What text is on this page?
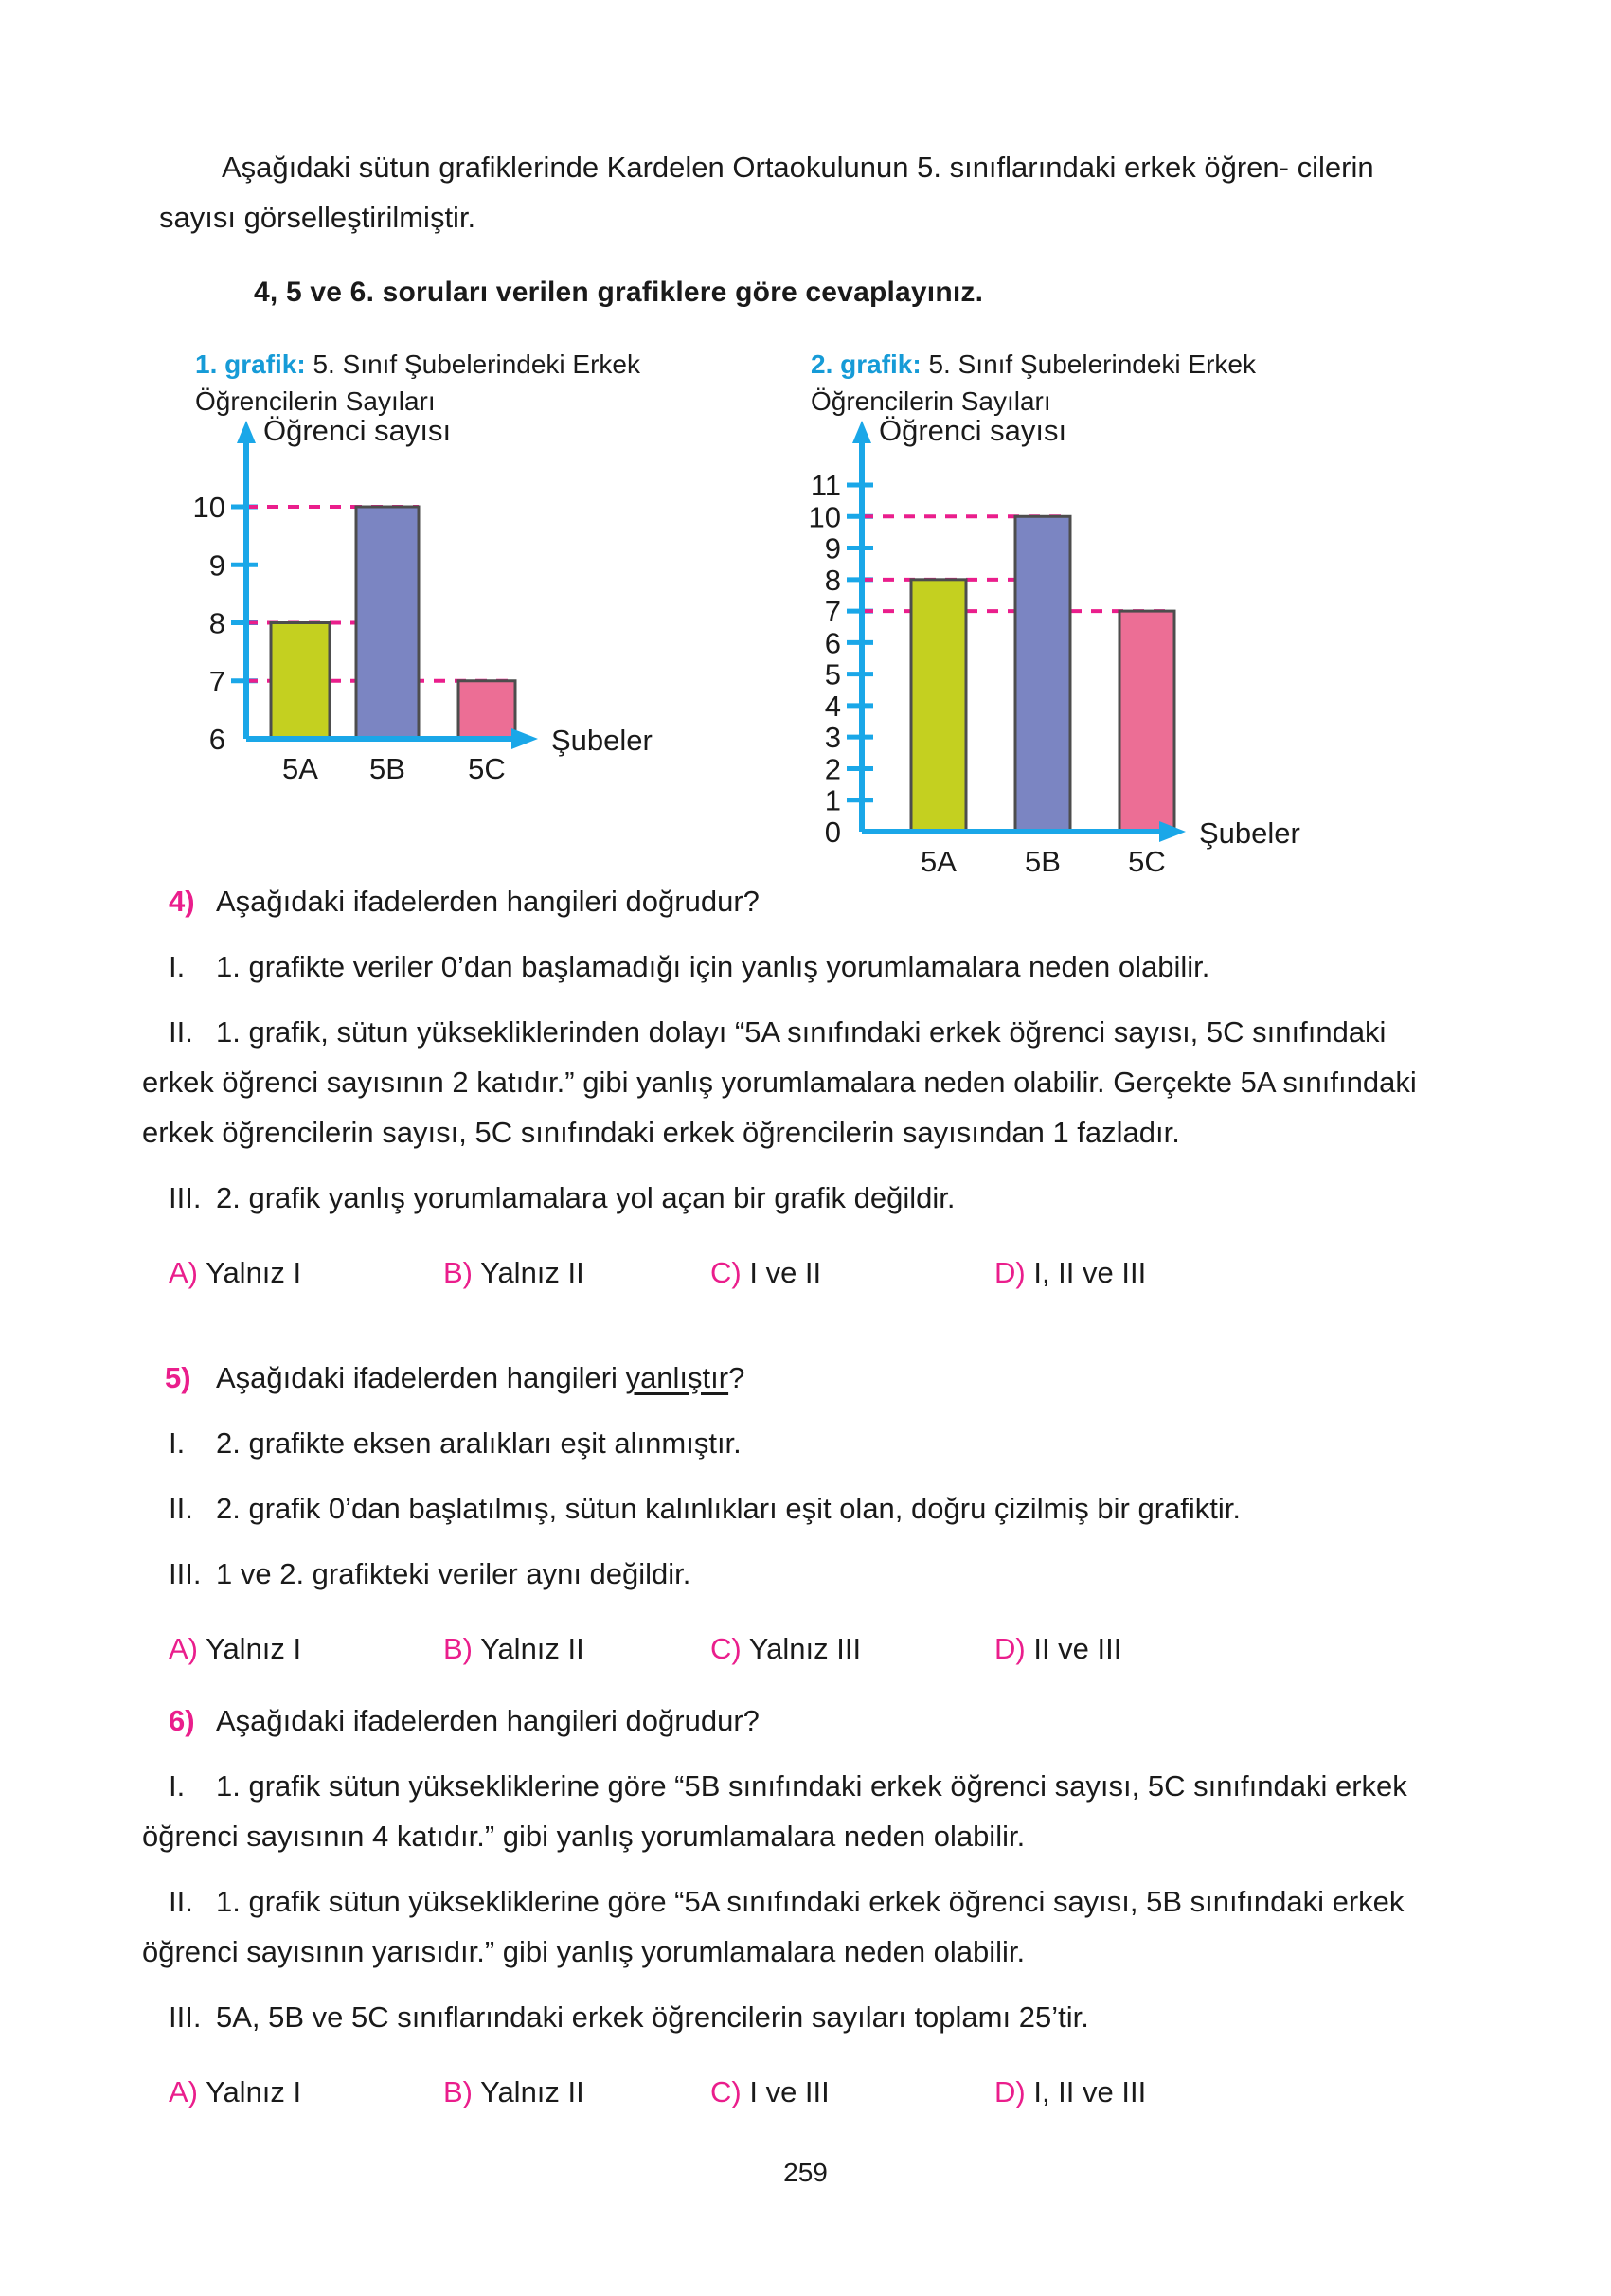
Aşağıdaki sütun grafiklerinde Kardelen Ortaokulunun 5. sınıflarındaki erkek öğren- cilerin sayısı görselleştirilmiştir.
4, 5 ve 6. soruları verilen grafiklere göre cevaplayınız.
1. grafik: 5. Sınıf Şubelerindeki Erkek Öğrencilerin Sayıları
2. grafik: 5. Sınıf Şubelerindeki Erkek Öğrencilerin Sayıları
6
7
8
9
10
5A 5B 5C
Öğrenci sayısı
Şubeler
0
1
2
3
4
5
6
7
8
9
10
11
5A 5B 5C
Öğrenci sayısı
Şubeler
4) Aşağıdaki ifadelerden hangileri doğrudur?
I.	1. grafikte veriler 0’dan başlamadığı için yanlış yorumlamalara neden olabilir.
II. 1. grafik, sütun yüksekliklerinden dolayı “5A sınıfındaki erkek öğrenci sayısı, 5C sınıfındaki erkek öğrenci sayısının 2 katıdır.” gibi yanlış yorumlamalara neden olabilir. Gerçekte 5A sınıfındaki erkek öğrencilerin sayısı, 5C sınıfındaki erkek öğrencilerin sayısından 1 fazladır.
III. 2. grafik yanlış yorumlamalara yol açan bir grafik değildir.
A) Yalnız I	B) Yalnız II	C) I ve II	D) I, II ve III
5) Aşağıdaki ifadelerden hangileri yanlıştır?
I.	2. grafikte eksen aralıkları eşit alınmıştır.
II. 2. grafik 0’dan başlatılmış, sütun kalınlıkları eşit olan, doğru çizilmiş bir grafiktir.
III. 1 ve 2. grafikteki veriler aynı değildir.
A) Yalnız I	B) Yalnız II	C) Yalnız III	D) II ve III
6) Aşağıdaki ifadelerden hangileri doğrudur?
I. 1. grafik sütun yüksekliklerine göre “5B sınıfındaki erkek öğrenci sayısı, 5C sınıfındaki erkek öğrenci sayısının 4 katıdır.” gibi yanlış yorumlamalara neden olabilir.
II. 1. grafik sütun yüksekliklerine göre “5A sınıfındaki erkek öğrenci sayısı, 5B sınıfındaki erkek öğrenci sayısının yarısıdır.” gibi yanlış yorumlamalara neden olabilir.
III. 5A, 5B ve 5C sınıflarındaki erkek öğrencilerin sayıları toplamı 25’tir.
A) Yalnız I	B) Yalnız II	C) I ve III	D) I, II ve III
259
